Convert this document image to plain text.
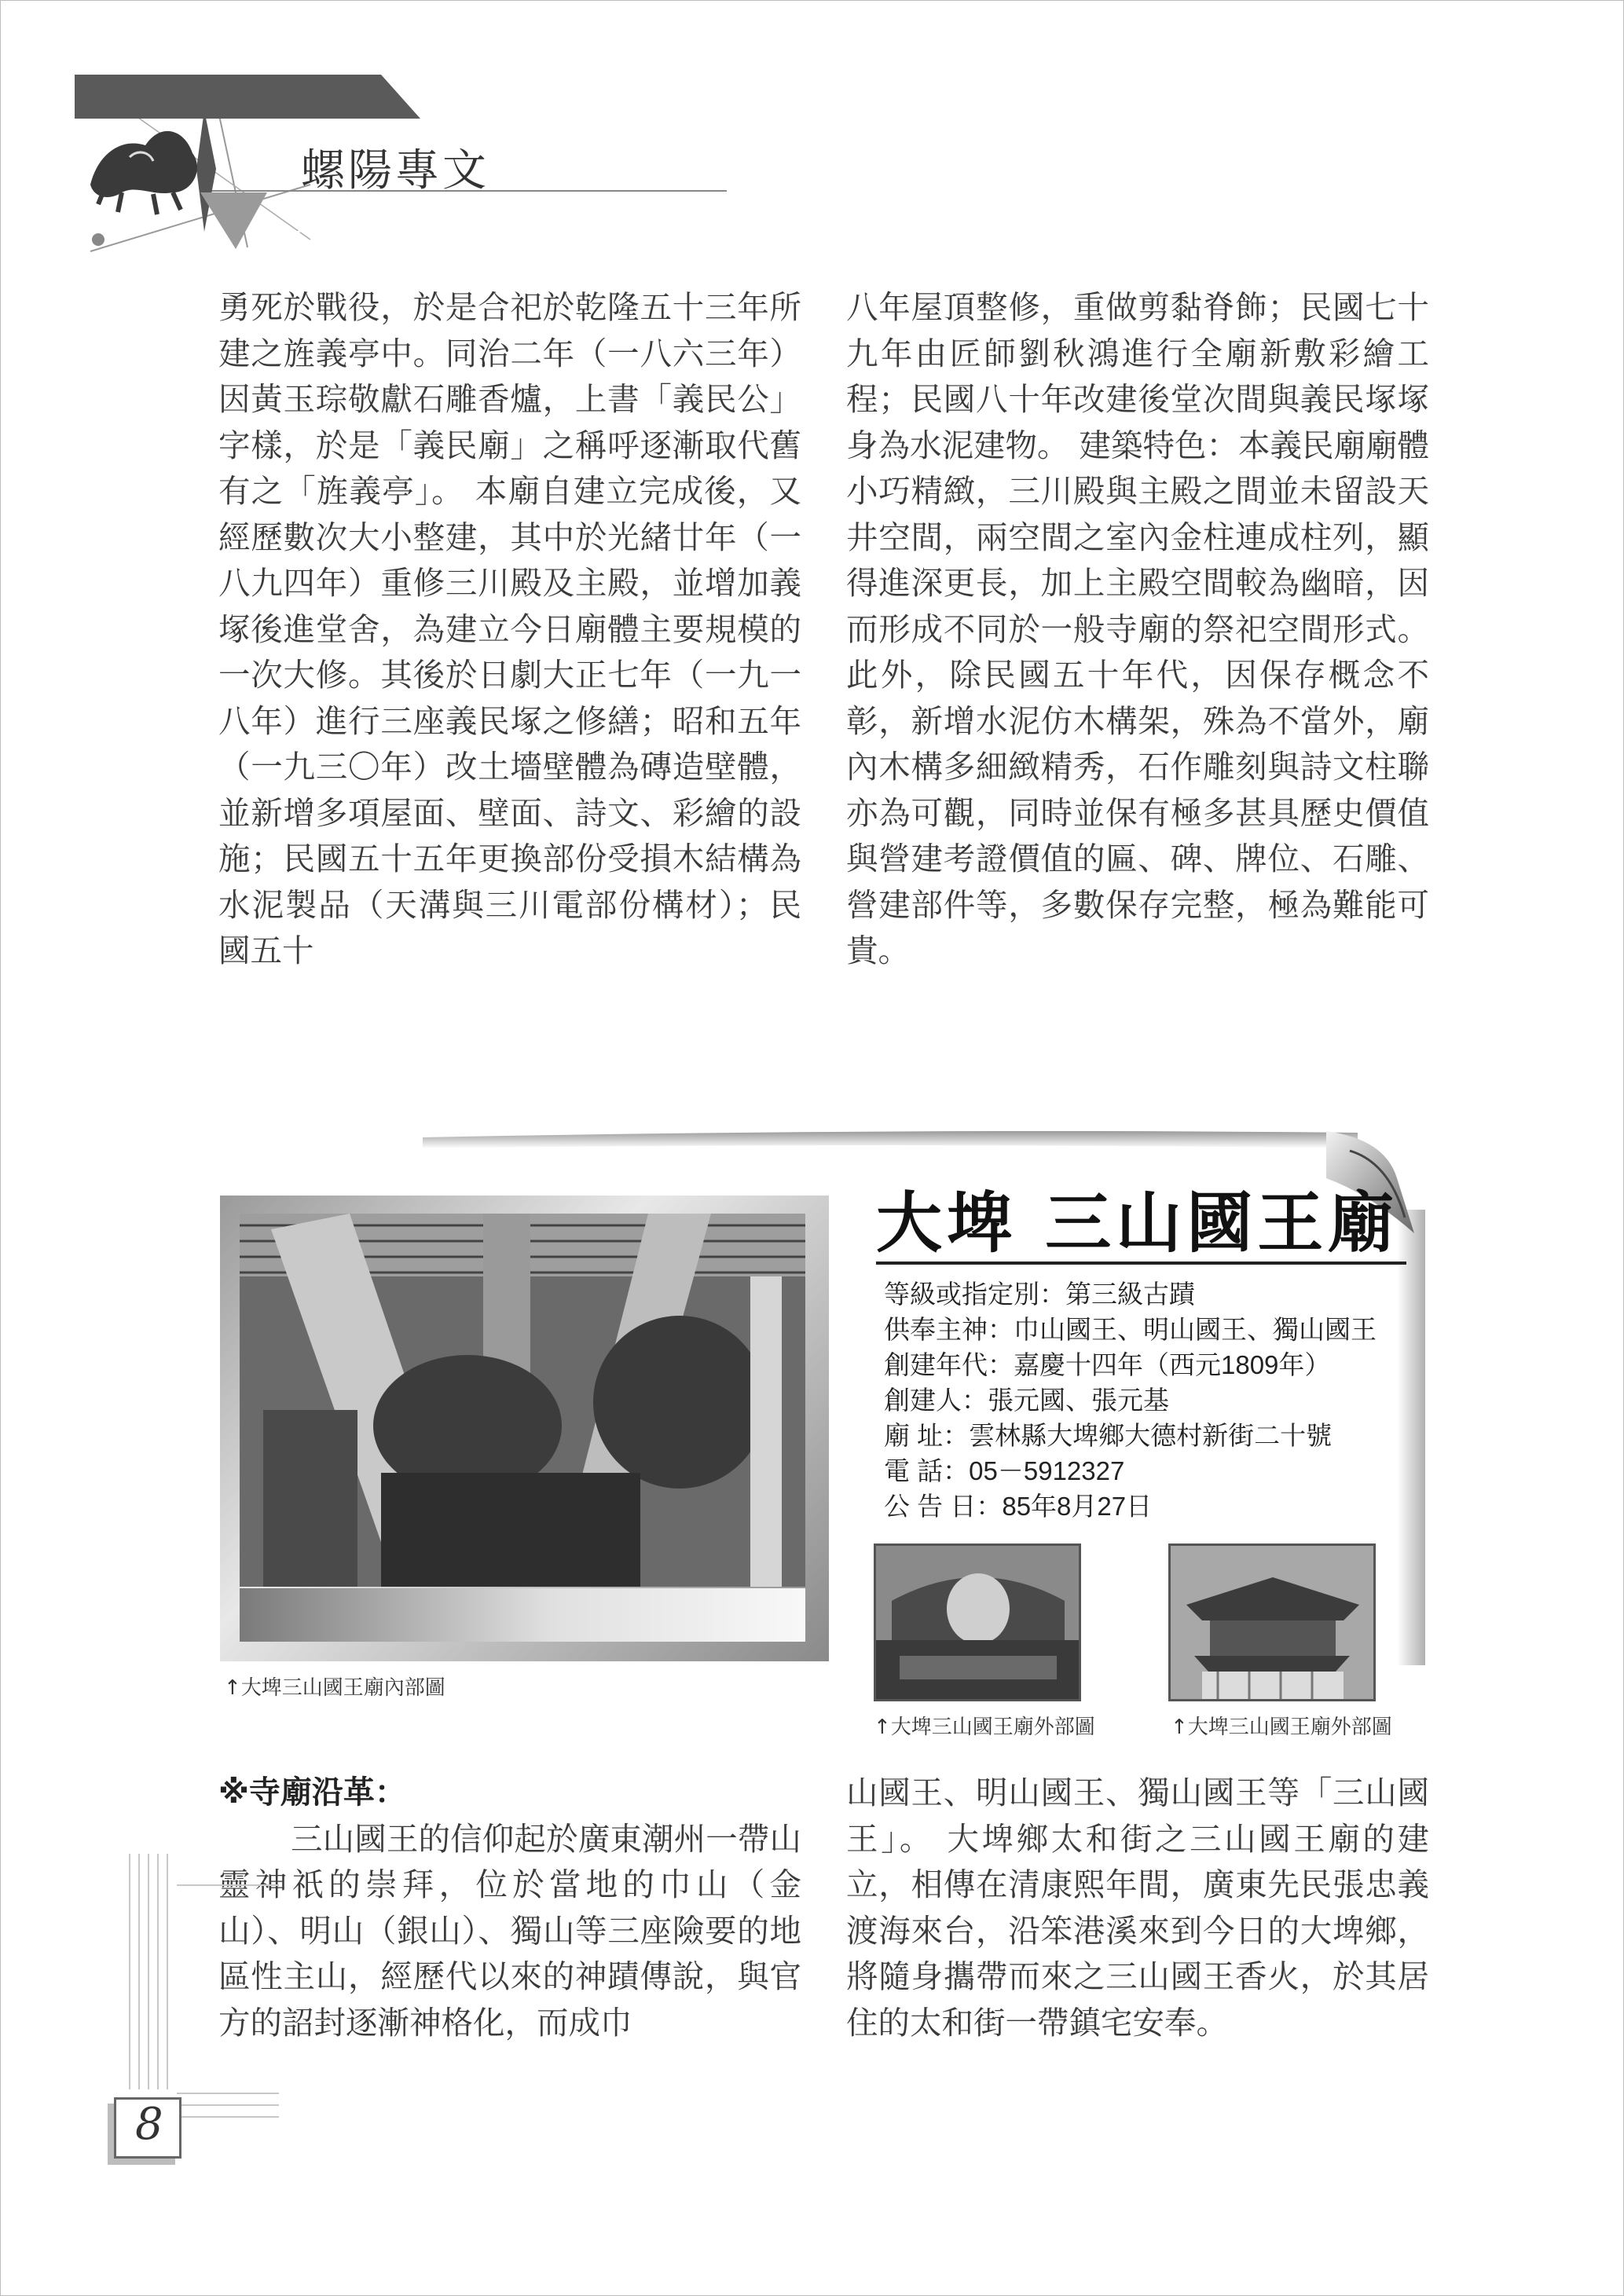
螺陽專文
螺陽文教基金會

勇死於戰役，於是合祀於乾隆五十三年所建之旌義亭中。同治二年（一八六三年）因黃玉琮敬獻石雕香爐，上書「義民公」字樣，於是「義民廟」之稱呼逐漸取代舊有之「旌義亭」。 本廟自建立完成後，又經歷數次大小整建，其中於光緒廿年（一八九四年）重修三川殿及主殿，並增加義塚後進堂舍，為建立今日廟體主要規模的一次大修。其後於日劇大正七年（一九一八年）進行三座義民塚之修繕；昭和五年（一九三〇年）改土墻壁體為磚造壁體，並新增多項屋面、壁面、詩文、彩繪的設施；民國五十五年更換部份受損木結構為水泥製品（天溝與三川電部份構材）；民國五十

八年屋頂整修，重做剪黏脊飾；民國七十九年由匠師劉秋鴻進行全廟新敷彩繪工程；民國八十年改建後堂次間與義民塚塚身為水泥建物。 建築特色：本義民廟廟體小巧精緻，三川殿與主殿之間並未留設天井空間，兩空間之室內金柱連成柱列，顯得進深更長，加上主殿空間較為幽暗，因而形成不同於一般寺廟的祭祀空間形式。此外，除民國五十年代，因保存概念不彰，新增水泥仿木構架，殊為不當外，廟內木構多細緻精秀，石作雕刻與詩文柱聯亦為可觀，同時並保有極多甚具歷史價值與營建考證價值的匾、碑、牌位、石雕、營建部件等，多數保存完整，極為難能可貴。

大埤 三山國王廟
等級或指定別：第三級古蹟
供奉主神：巾山國王、明山國王、獨山國王
創建年代：嘉慶十四年（西元1809年）
創建人：張元國、張元基
廟 址：雲林縣大埤鄉大德村新街二十號
電 話：05－5912327
公 告 日：85年8月27日
↑大埤三山國王廟內部圖
↑大埤三山國王廟外部圖	↑大埤三山國王廟外部圖
※寺廟沿革：

三山國王的信仰起於廣東潮州一帶山靈神祇的崇拜，位於當地的巾山（金山）、明山（銀山）、獨山等三座險要的地區性主山，經歷代以來的神蹟傳說，與官方的詔封逐漸神格化，而成巾

山國王、明山國王、獨山國王等「三山國王」。 大埤鄉太和街之三山國王廟的建立，相傳在清康熙年間，廣東先民張忠義渡海來台，沿笨港溪來到今日的大埤鄉，將隨身攜帶而來之三山國王香火，於其居住的太和街一帶鎮宅安奉。

8
